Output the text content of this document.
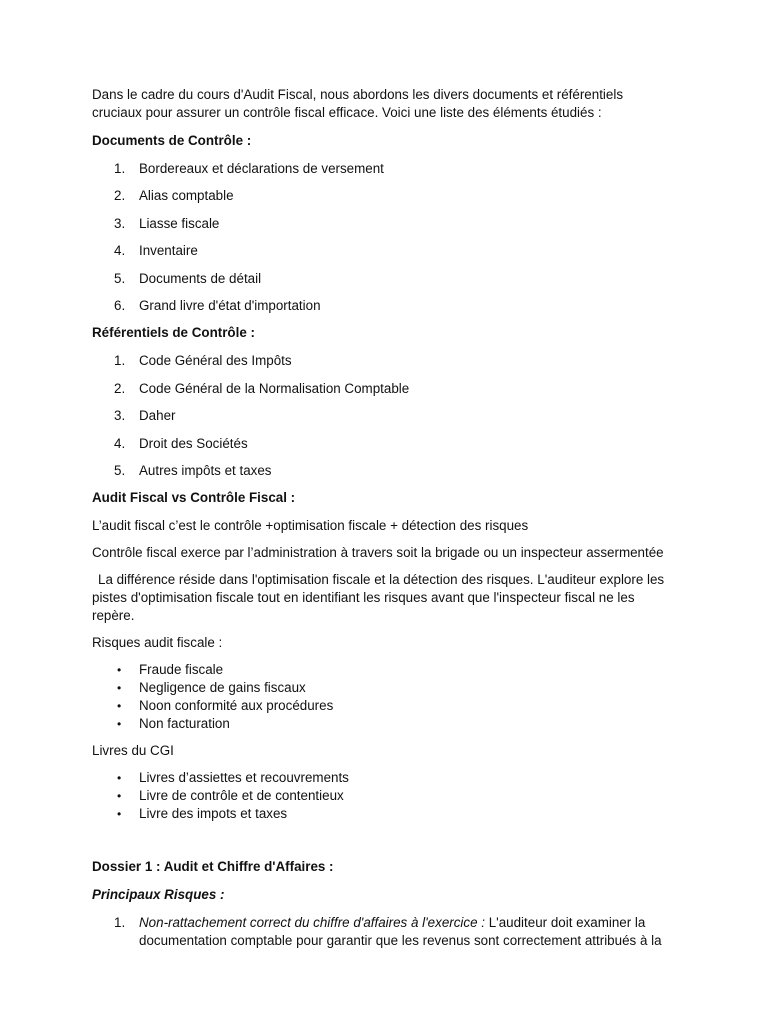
Dans le cadre du cours d'Audit Fiscal, nous abordons les divers documents et référentiels cruciaux pour assurer un contrôle fiscal efficace. Voici une liste des éléments étudiés :

Documents de Contrôle :

1.	Bordereaux et déclarations de versement
2.	Alias comptable
3.	Liasse fiscale
4.	Inventaire
5.	Documents de détail
6.	Grand livre d'état d'importation

Référentiels de Contrôle :

1.	Code Général des Impôts
2.	Code Général de la Normalisation Comptable
3.	Daher
4.	Droit des Sociétés
5.	Autres impôts et taxes

Audit Fiscal vs Contrôle Fiscal :

L’audit fiscal c’est le contrôle +optimisation fiscale + détection des risques

Contrôle fiscal exerce par l’administration à travers soit la brigade ou un inspecteur assermentée

La différence réside dans l'optimisation fiscale et la détection des risques. L'auditeur explore les pistes d'optimisation fiscale tout en identifiant les risques avant que l'inspecteur fiscal ne les repère.

Risques audit fiscale :

•	Fraude fiscale
•	Negligence de gains fiscaux
•	Noon conformité aux procédures
•	Non facturation

Livres du CGI

•	Livres d’assiettes et recouvrements
•	Livre de contrôle et de contentieux
•	Livre des impots et taxes

Dossier 1 : Audit et Chiffre d'Affaires :

Principaux Risques :

1.	Non-rattachement correct du chiffre d'affaires à l'exercice : L'auditeur doit examiner la documentation comptable pour garantir que les revenus sont correctement attribués à la
